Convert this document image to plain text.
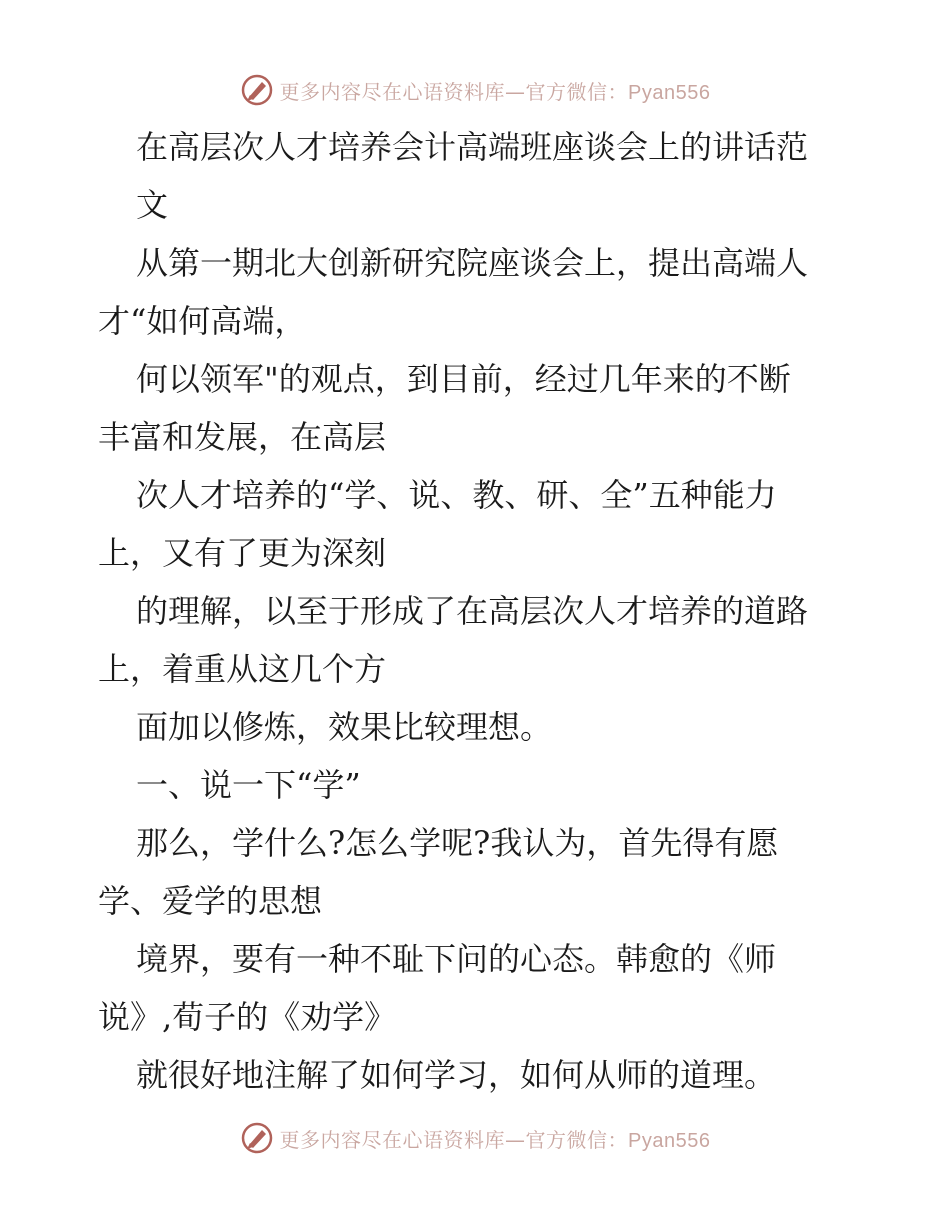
更多内容尽在心语资料库—官方微信：Pyan556
在高层次人才培养会计高端班座谈会上的讲话范
文
从第一期北大创新研究院座谈会上，提出高端人
才“如何高端，
何以领军"的观点，到目前，经过几年来的不断
丰富和发展，在高层
次人才培养的“学、说、教、研、全”五种能力
上，又有了更为深刻
的理解，以至于形成了在高层次人才培养的道路
上，着重从这几个方
面加以修炼，效果比较理想。
一、说一下“学”
那么，学什么?怎么学呢?我认为，首先得有愿
学、爱学的思想
境界，要有一种不耻下问的心态。韩愈的《师
说》,荀子的《劝学》
就很好地注解了如何学习，如何从师的道理。
更多内容尽在心语资料库—官方微信：Pyan556
